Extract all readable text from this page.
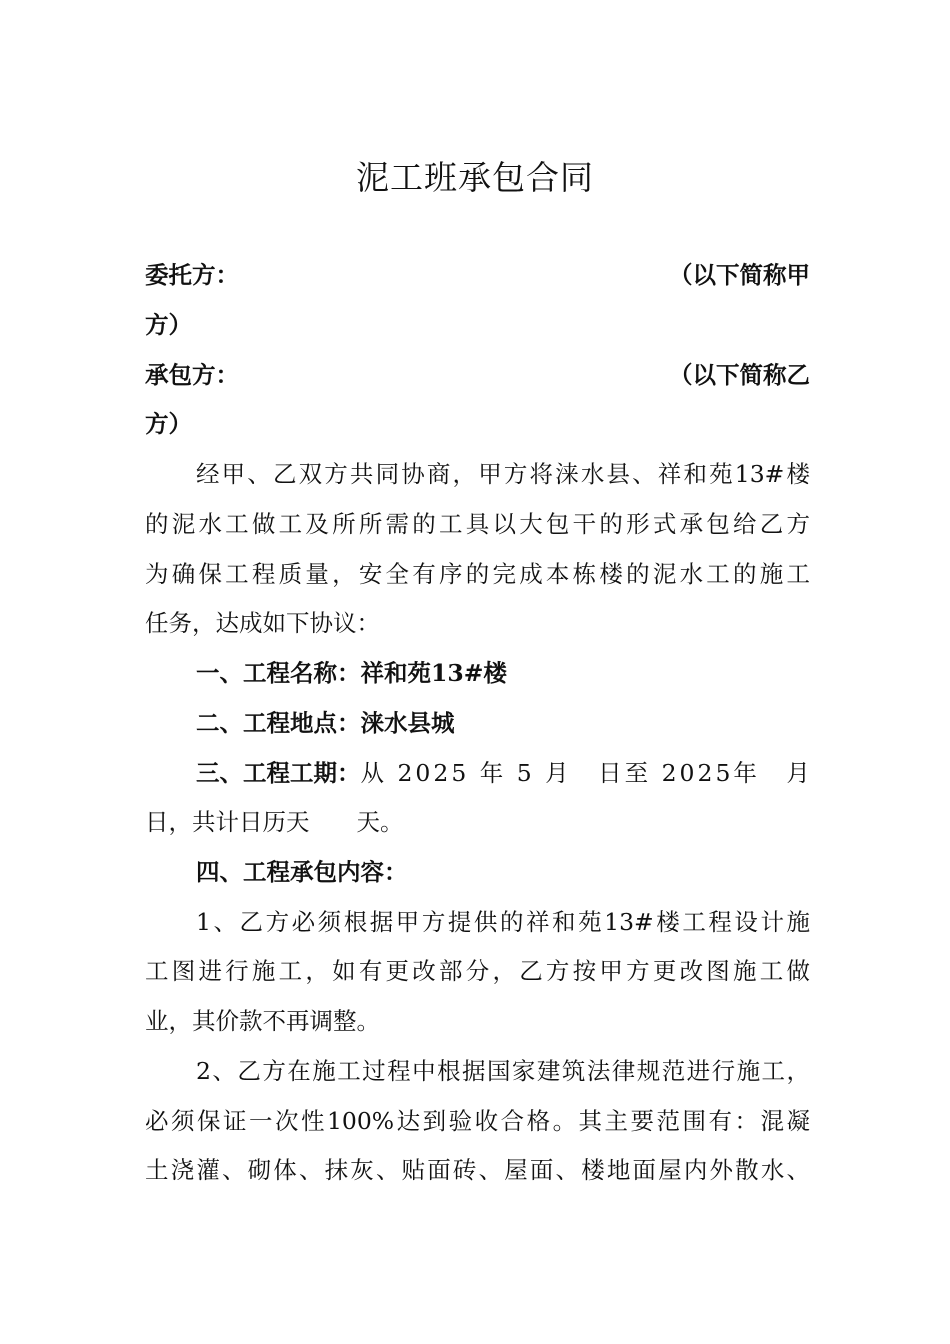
泥工班承包合同
委托方：	（以下简称甲
方）
承包方：	（以下简称乙
方）
经甲、乙双方共同协商，甲方将涞水县、祥和苑13#楼
的泥水工做工及所所需的工具以大包干的形式承包给乙方
为确保工程质量，安全有序的完成本栋楼的泥水工的施工
任务，达成如下协议：
一、工程名称：祥和苑13#楼
二、工程地点：涞水县城
三、工程工期：从 2025 年 5 月　日至 2025年　月
日，共计日历天　　天。
四、工程承包内容：
1、乙方必须根据甲方提供的祥和苑13#楼工程设计施
工图进行施工，如有更改部分，乙方按甲方更改图施工做
业，其价款不再调整。
2、乙方在施工过程中根据国家建筑法律规范进行施工，
必须保证一次性100%达到验收合格。其主要范围有：混凝
土浇灌、砌体、抹灰、贴面砖、屋面、楼地面屋内外散水、
